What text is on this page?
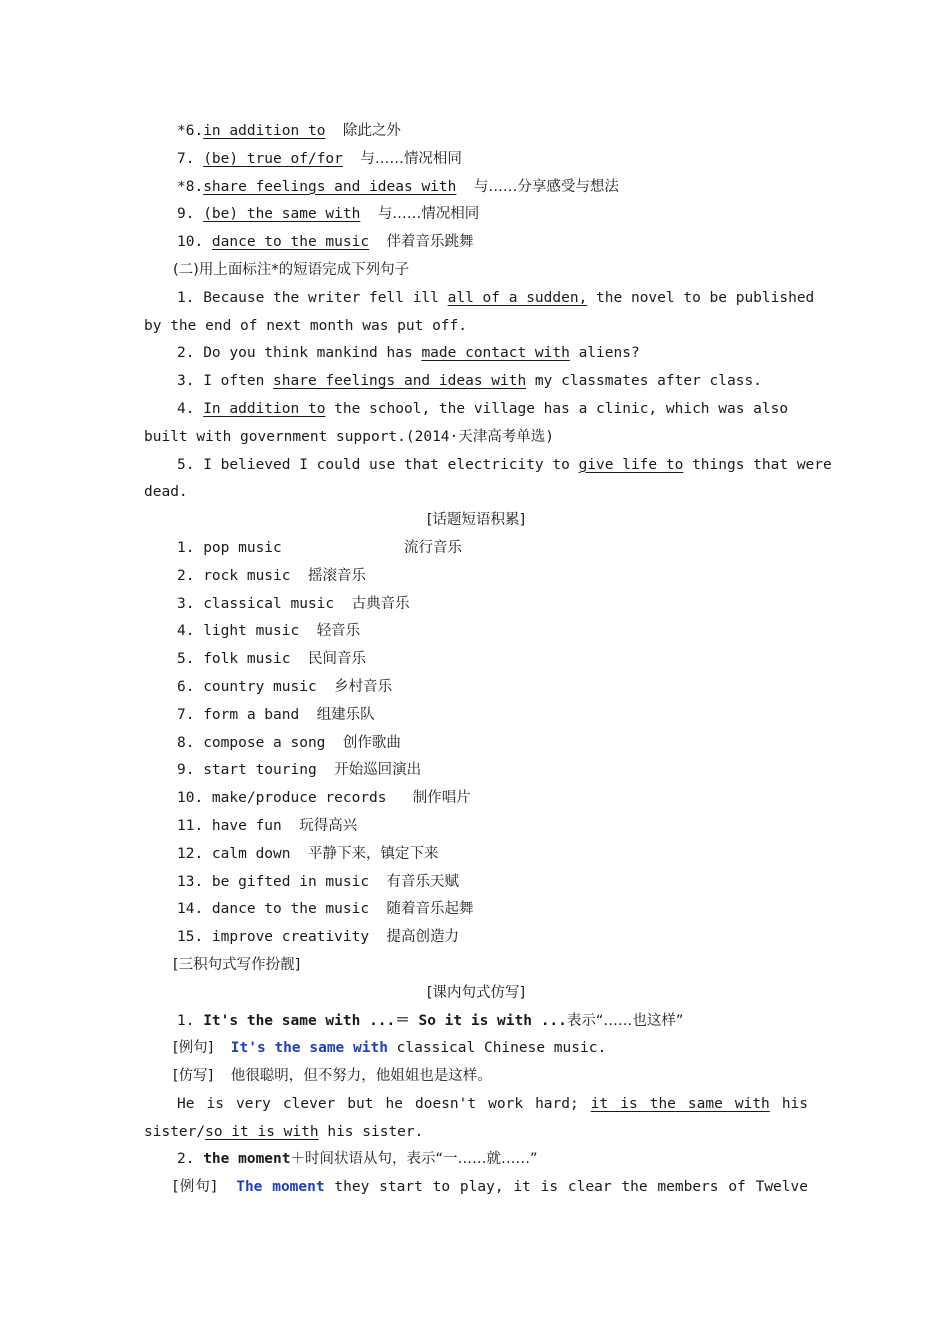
*6.in addition to 除此之外
7. (be) true of/for 与……情况相同
*8.share feelings and ideas with 与……分享感受与想法
9. (be) the same with 与……情况相同
10. dance to the music 伴着音乐跳舞
(二)用上面标注*的短语完成下列句子
1. Because the writer fell ill all of a sudden, the novel to be published
by the end of next month was put off.
2. Do you think mankind has made contact with aliens?
3. I often share feelings and ideas with my classmates after class.
4. In addition to the school, the village has a clinic, which was also
built with government support.(2014·天津高考单选)
5. I believed I could use that electricity to give life to things that were
dead.
[话题短语积累]
1. pop music	流行音乐
2. rock music 摇滚音乐
3. classical music 古典音乐
4. light music 轻音乐
5. folk music 民间音乐
6. country music 乡村音乐
7. form a band 组建乐队
8. compose a song 创作歌曲
9. start touring 开始巡回演出
10. make/produce records 制作唱片
11. have fun 玩得高兴
12. calm down 平静下来，镇定下来
13. be gifted in music 有音乐天赋
14. dance to the music 随着音乐起舞
15. improve creativity 提高创造力
[三积句式写作扮靓]
[课内句式仿写]
1. It's the same with ...＝ So it is with ...表示“……也这样”
[例句] It's the same with classical Chinese music.
[仿写] 他很聪明，但不努力，他姐姐也是这样。
He is very clever but he doesn't work hard; it is the same with his
sister/so it is with his sister.
2. the moment＋时间状语从句，表示“一……就……”
[例句] The moment they start to play, it is clear the members of Twelve
